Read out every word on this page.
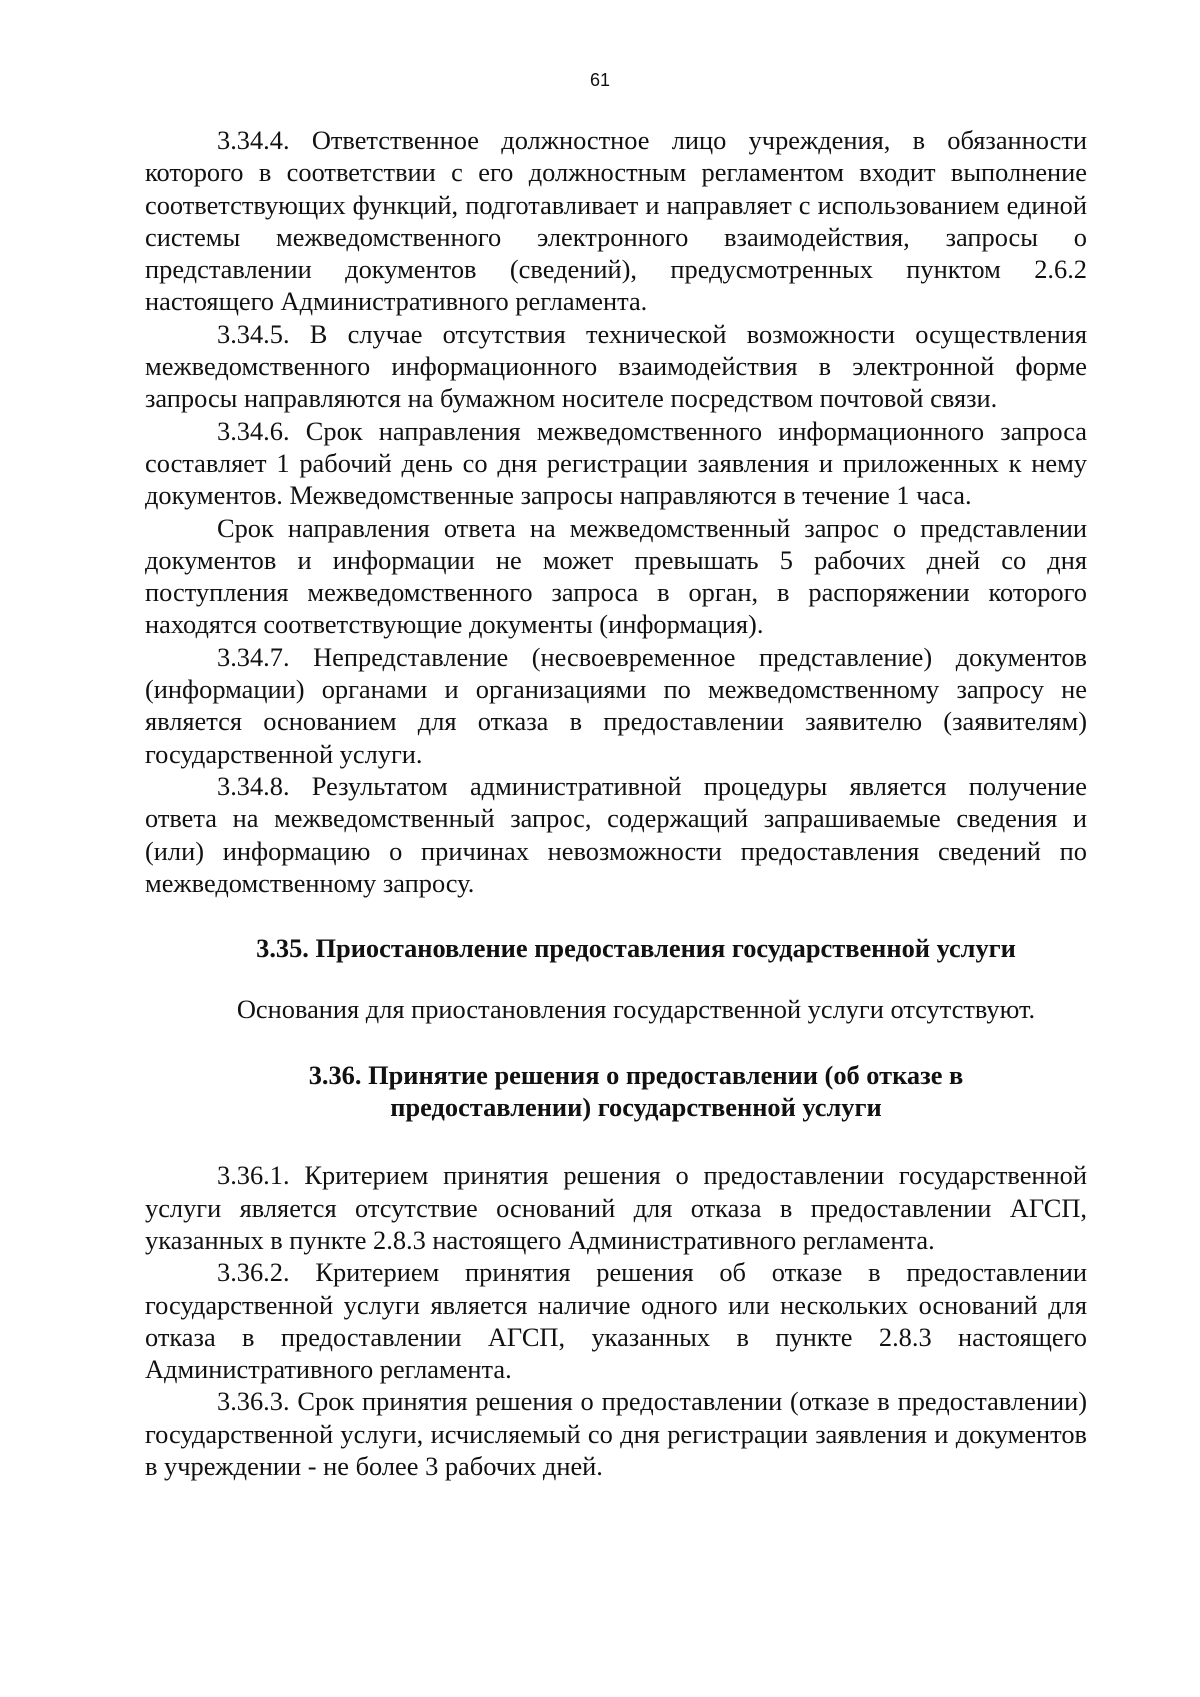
61

3.34.4. Ответственное должностное лицо учреждения, в обязанности которого в соответствии с его должностным регламентом входит выполнение соответствующих функций, подготавливает и направляет с использованием единой системы межведомственного электронного взаимодействия, запросы о представлении документов (сведений), предусмотренных пунктом 2.6.2 настоящего Административного регламента.

3.34.5. В случае отсутствия технической возможности осуществления межведомственного информационного взаимодействия в электронной форме запросы направляются на бумажном носителе посредством почтовой связи.

3.34.6. Срок направления межведомственного информационного запроса составляет 1 рабочий день со дня регистрации заявления и приложенных к нему документов. Межведомственные запросы направляются в течение 1 часа.

Срок направления ответа на межведомственный запрос о представлении документов и информации не может превышать 5 рабочих дней со дня поступления межведомственного запроса в орган, в распоряжении которого находятся соответствующие документы (информация).

3.34.7. Непредставление (несвоевременное представление) документов (информации) органами и организациями по межведомственному запросу не является основанием для отказа в предоставлении заявителю (заявителям) государственной услуги.

3.34.8. Результатом административной процедуры является получение ответа на межведомственный запрос, содержащий запрашиваемые сведения и (или) информацию о причинах невозможности предоставления сведений по межведомственному запросу.

3.35. Приостановление предоставления государственной услуги

Основания для приостановления государственной услуги отсутствуют.

3.36. Принятие решения о предоставлении (об отказе в
предоставлении) государственной услуги

3.36.1. Критерием принятия решения о предоставлении государственной услуги является отсутствие оснований для отказа в предоставлении АГСП, указанных в пункте 2.8.3 настоящего Административного регламента.

3.36.2. Критерием принятия решения об отказе в предоставлении государственной услуги является наличие одного или нескольких оснований для отказа в предоставлении АГСП, указанных в пункте 2.8.3 настоящего Административного регламента.

3.36.3. Срок принятия решения о предоставлении (отказе в предоставлении) государственной услуги, исчисляемый со дня регистрации заявления и документов в учреждении - не более 3 рабочих дней.
